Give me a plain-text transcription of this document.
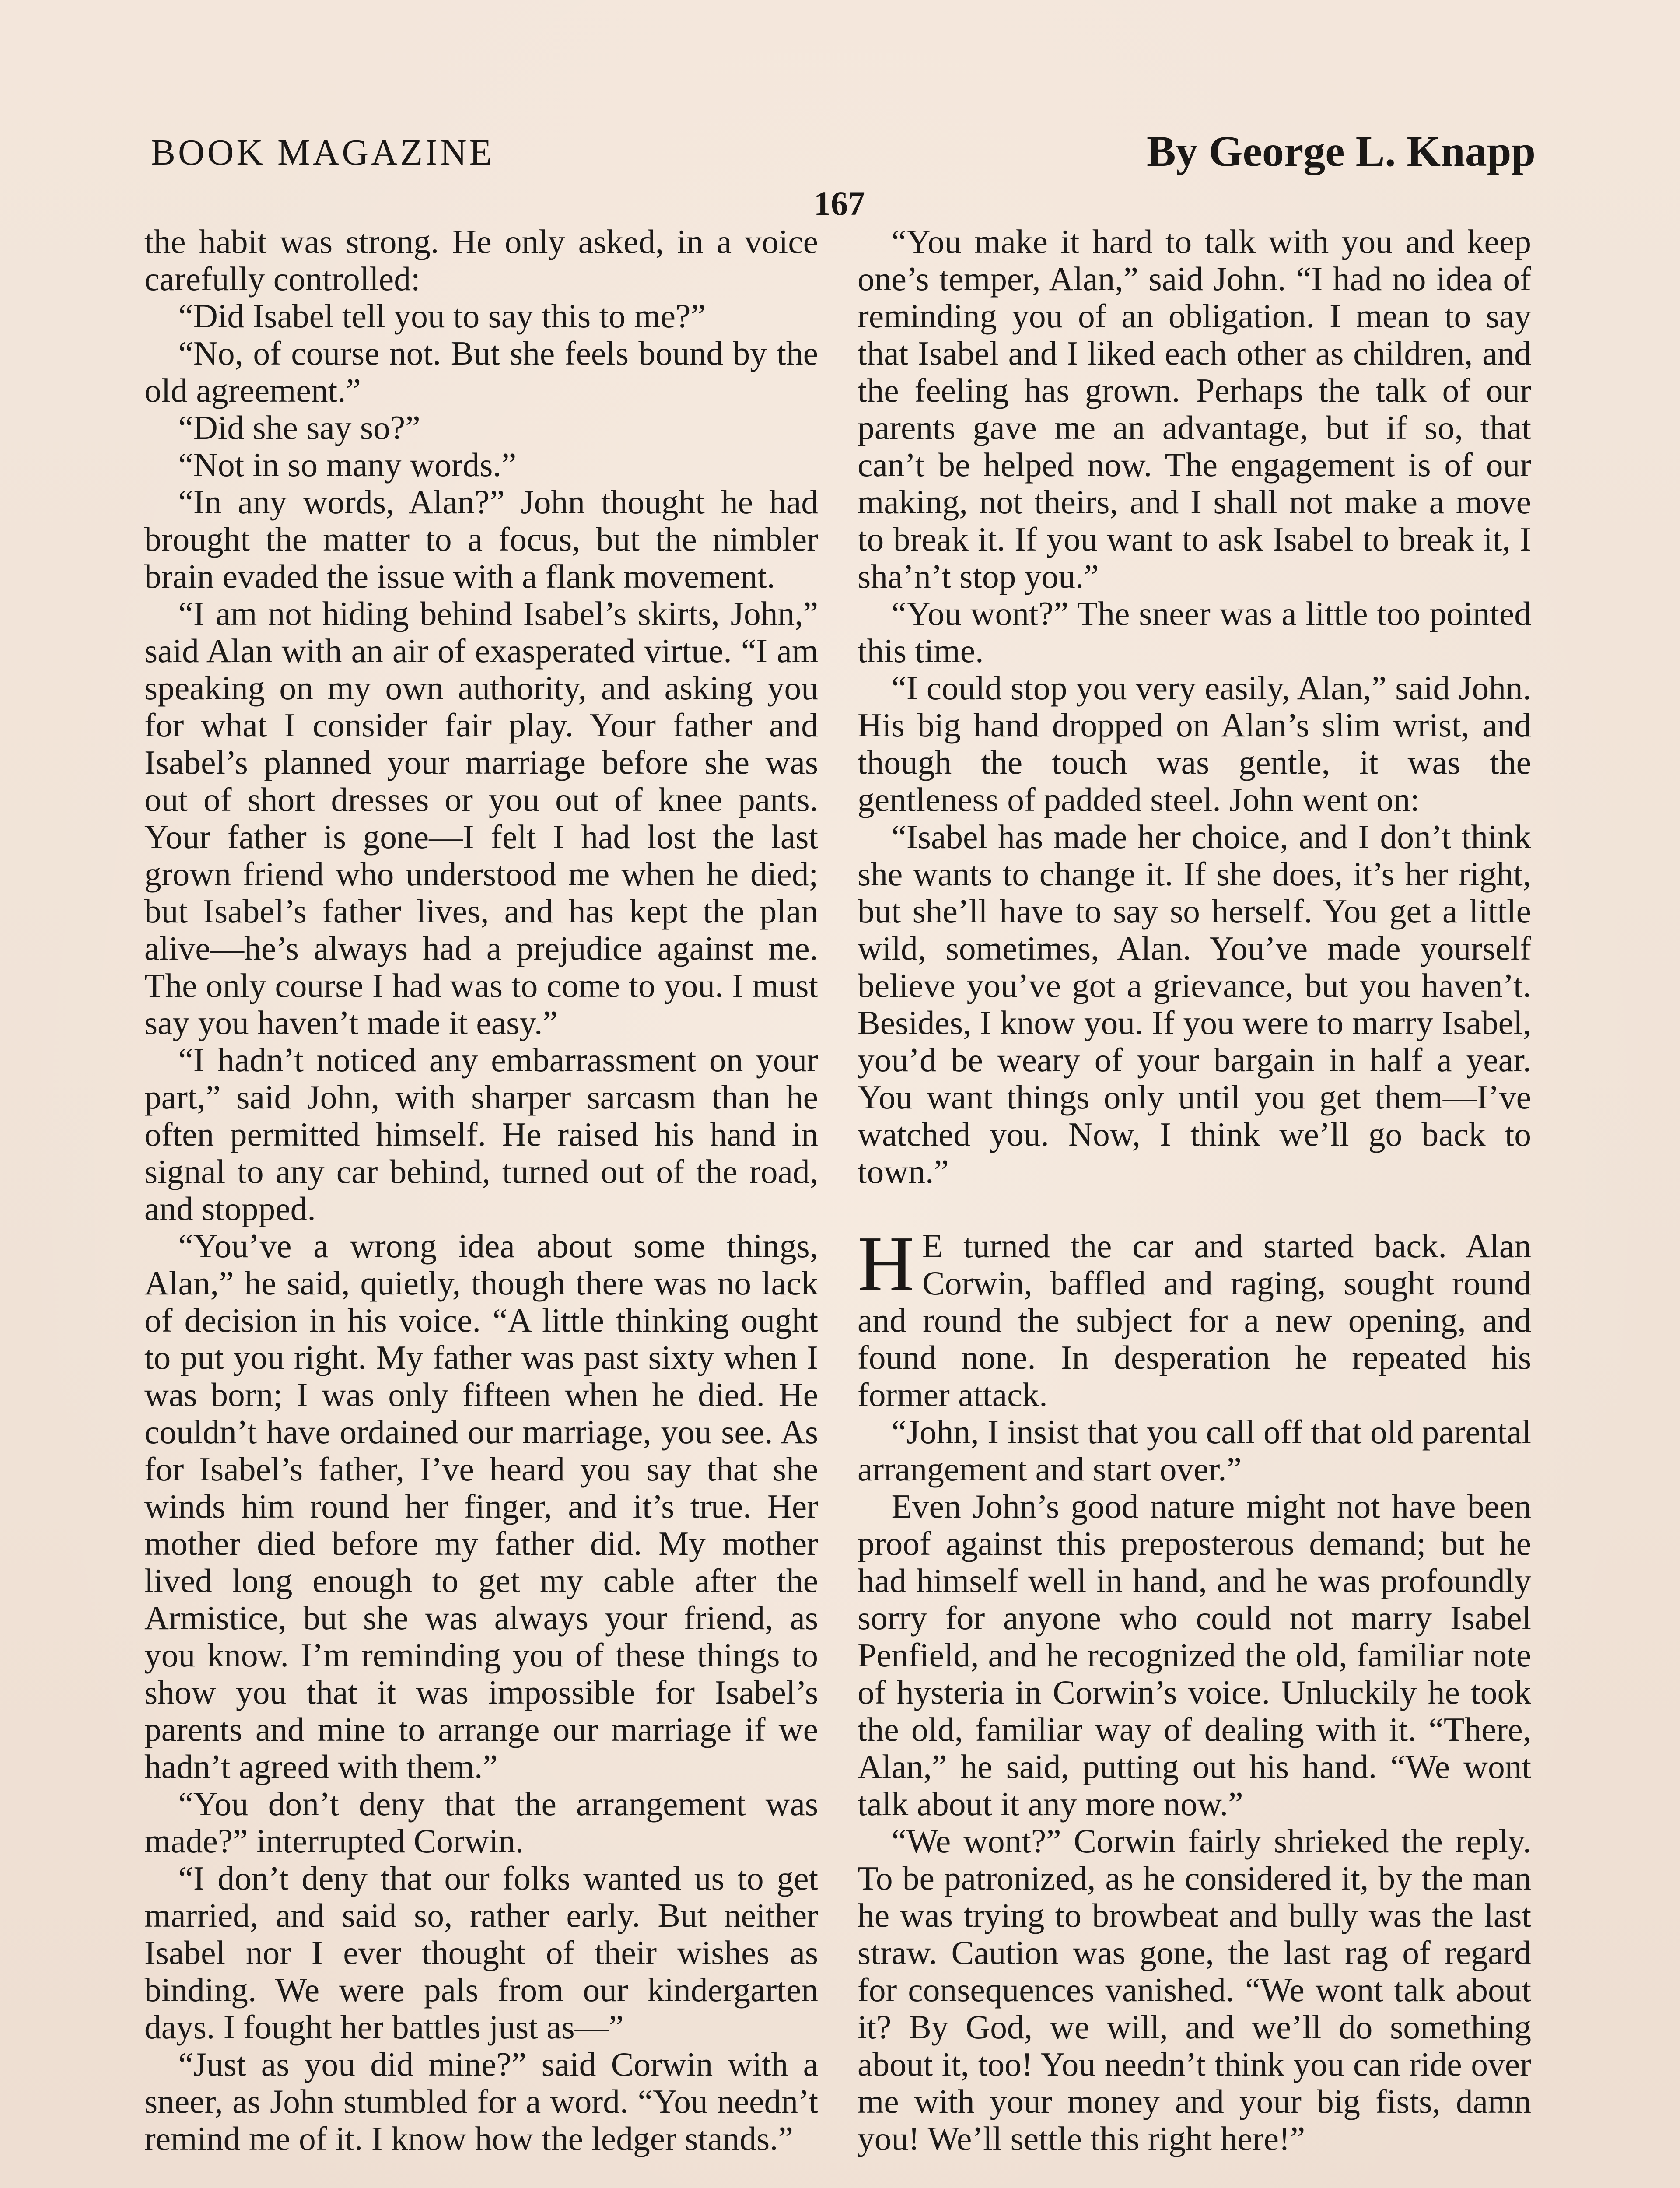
BOOK MAGAZINE	By George L. Knapp
167

the habit was strong. He only asked, in a voice carefully controlled:

“Did Isabel tell you to say this to me?”

“No, of course not. But she feels bound by the old agreement.”

“Did she say so?”

“Not in so many words.”

“In any words, Alan?” John thought he had brought the matter to a focus, but the nimbler brain evaded the issue with a flank movement.

“I am not hiding behind Isabel’s skirts, John,” said Alan with an air of exasperated virtue. “I am speaking on my own authority, and asking you for what I consider fair play. Your father and Isabel’s planned your marriage before she was out of short dresses or you out of knee pants. Your father is gone—I felt I had lost the last grown friend who understood me when he died; but Isabel’s father lives, and has kept the plan alive—he’s always had a prejudice against me. The only course I had was to come to you. I must say you haven’t made it easy.”

“I hadn’t noticed any embarrassment on your part,” said John, with sharper sarcasm than he often permitted himself. He raised his hand in signal to any car behind, turned out of the road, and stopped.

“You’ve a wrong idea about some things, Alan,” he said, quietly, though there was no lack of decision in his voice. “A little thinking ought to put you right. My father was past sixty when I was born; I was only fifteen when he died. He couldn’t have ordained our marriage, you see. As for Isabel’s father, I’ve heard you say that she winds him round her finger, and it’s true. Her mother died before my father did. My mother lived long enough to get my cable after the Armistice, but she was always your friend, as you know. I’m reminding you of these things to show you that it was impossible for Isabel’s parents and mine to arrange our marriage if we hadn’t agreed with them.”

“You don’t deny that the arrangement was made?” interrupted Corwin.

“I don’t deny that our folks wanted us to get married, and said so, rather early. But neither Isabel nor I ever thought of their wishes as binding. We were pals from our kindergarten days. I fought her battles just as—”

“Just as you did mine?” said Corwin with a sneer, as John stumbled for a word. “You needn’t remind me of it. I know how the ledger stands.”

“You make it hard to talk with you and keep one’s temper, Alan,” said John. “I had no idea of reminding you of an obligation. I mean to say that Isabel and I liked each other as children, and the feeling has grown. Perhaps the talk of our parents gave me an advantage, but if so, that can’t be helped now. The engagement is of our making, not theirs, and I shall not make a move to break it. If you want to ask Isabel to break it, I sha’n’t stop you.”

“You wont?” The sneer was a little too pointed this time.

“I could stop you very easily, Alan,” said John. His big hand dropped on Alan’s slim wrist, and though the touch was gentle, it was the gentleness of padded steel. John went on:

“Isabel has made her choice, and I don’t think she wants to change it. If she does, it’s her right, but she’ll have to say so herself. You get a little wild, sometimes, Alan. You’ve made yourself believe you’ve got a grievance, but you haven’t. Besides, I know you. If you were to marry Isabel, you’d be weary of your bargain in half a year. You want things only until you get them—I’ve watched you. Now, I think we’ll go back to town.”

H E turned the car and started back. Alan Corwin, baffled and raging, sought round and round the subject for a new opening, and found none. In desperation he repeated his former attack.

“John, I insist that you call off that old parental arrangement and start over.”

Even John’s good nature might not have been proof against this preposterous demand; but he had himself well in hand, and he was profoundly sorry for anyone who could not marry Isabel Penfield, and he recognized the old, familiar note of hysteria in Corwin’s voice. Unluckily he took the old, familiar way of dealing with it. “There, Alan,” he said, putting out his hand. “We wont talk about it any more now.”

“We wont?” Corwin fairly shrieked the reply. To be patronized, as he considered it, by the man he was trying to browbeat and bully was the last straw. Caution was gone, the last rag of regard for consequences vanished. “We wont talk about it? By God, we will, and we’ll do something about it, too! You needn’t think you can ride over me with your money and your big fists, damn you! We’ll settle this right here!”
